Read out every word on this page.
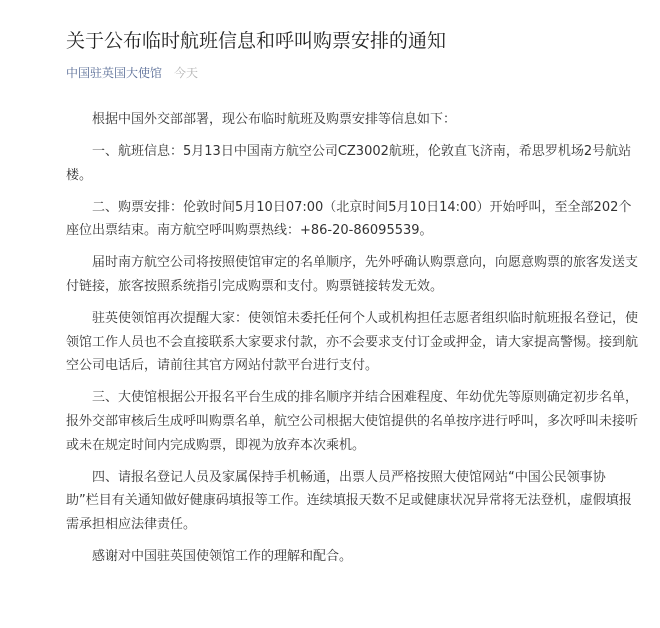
关于公布临时航班信息和呼叫购票安排的通知
中国驻英国大使馆 今天

根据中国外交部部署，现公布临时航班及购票安排等信息如下：

一、航班信息：5月13日中国南方航空公司CZ3002航班，伦敦直飞济南，希思罗机场2号航站楼。

二、购票安排：伦敦时间5月10日07:00（北京时间5月10日14:00）开始呼叫，至全部202个座位出票结束。南方航空呼叫购票热线：+86-20-86095539。

届时南方航空公司将按照使馆审定的名单顺序，先外呼确认购票意向，向愿意购票的旅客发送支付链接，旅客按照系统指引完成购票和支付。购票链接转发无效。

驻英使领馆再次提醒大家：使领馆未委托任何个人或机构担任志愿者组织临时航班报名登记，使领馆工作人员也不会直接联系大家要求付款，亦不会要求支付订金或押金，请大家提高警惕。接到航空公司电话后，请前往其官方网站付款平台进行支付。

三、大使馆根据公开报名平台生成的排名顺序并结合困难程度、年幼优先等原则确定初步名单，报外交部审核后生成呼叫购票名单，航空公司根据大使馆提供的名单按序进行呼叫，多次呼叫未接听或未在规定时间内完成购票，即视为放弃本次乘机。

四、请报名登记人员及家属保持手机畅通，出票人员严格按照大使馆网站“中国公民领事协助”栏目有关通知做好健康码填报等工作。连续填报天数不足或健康状况异常将无法登机，虚假填报需承担相应法律责任。

感谢对中国驻英国使领馆工作的理解和配合。
